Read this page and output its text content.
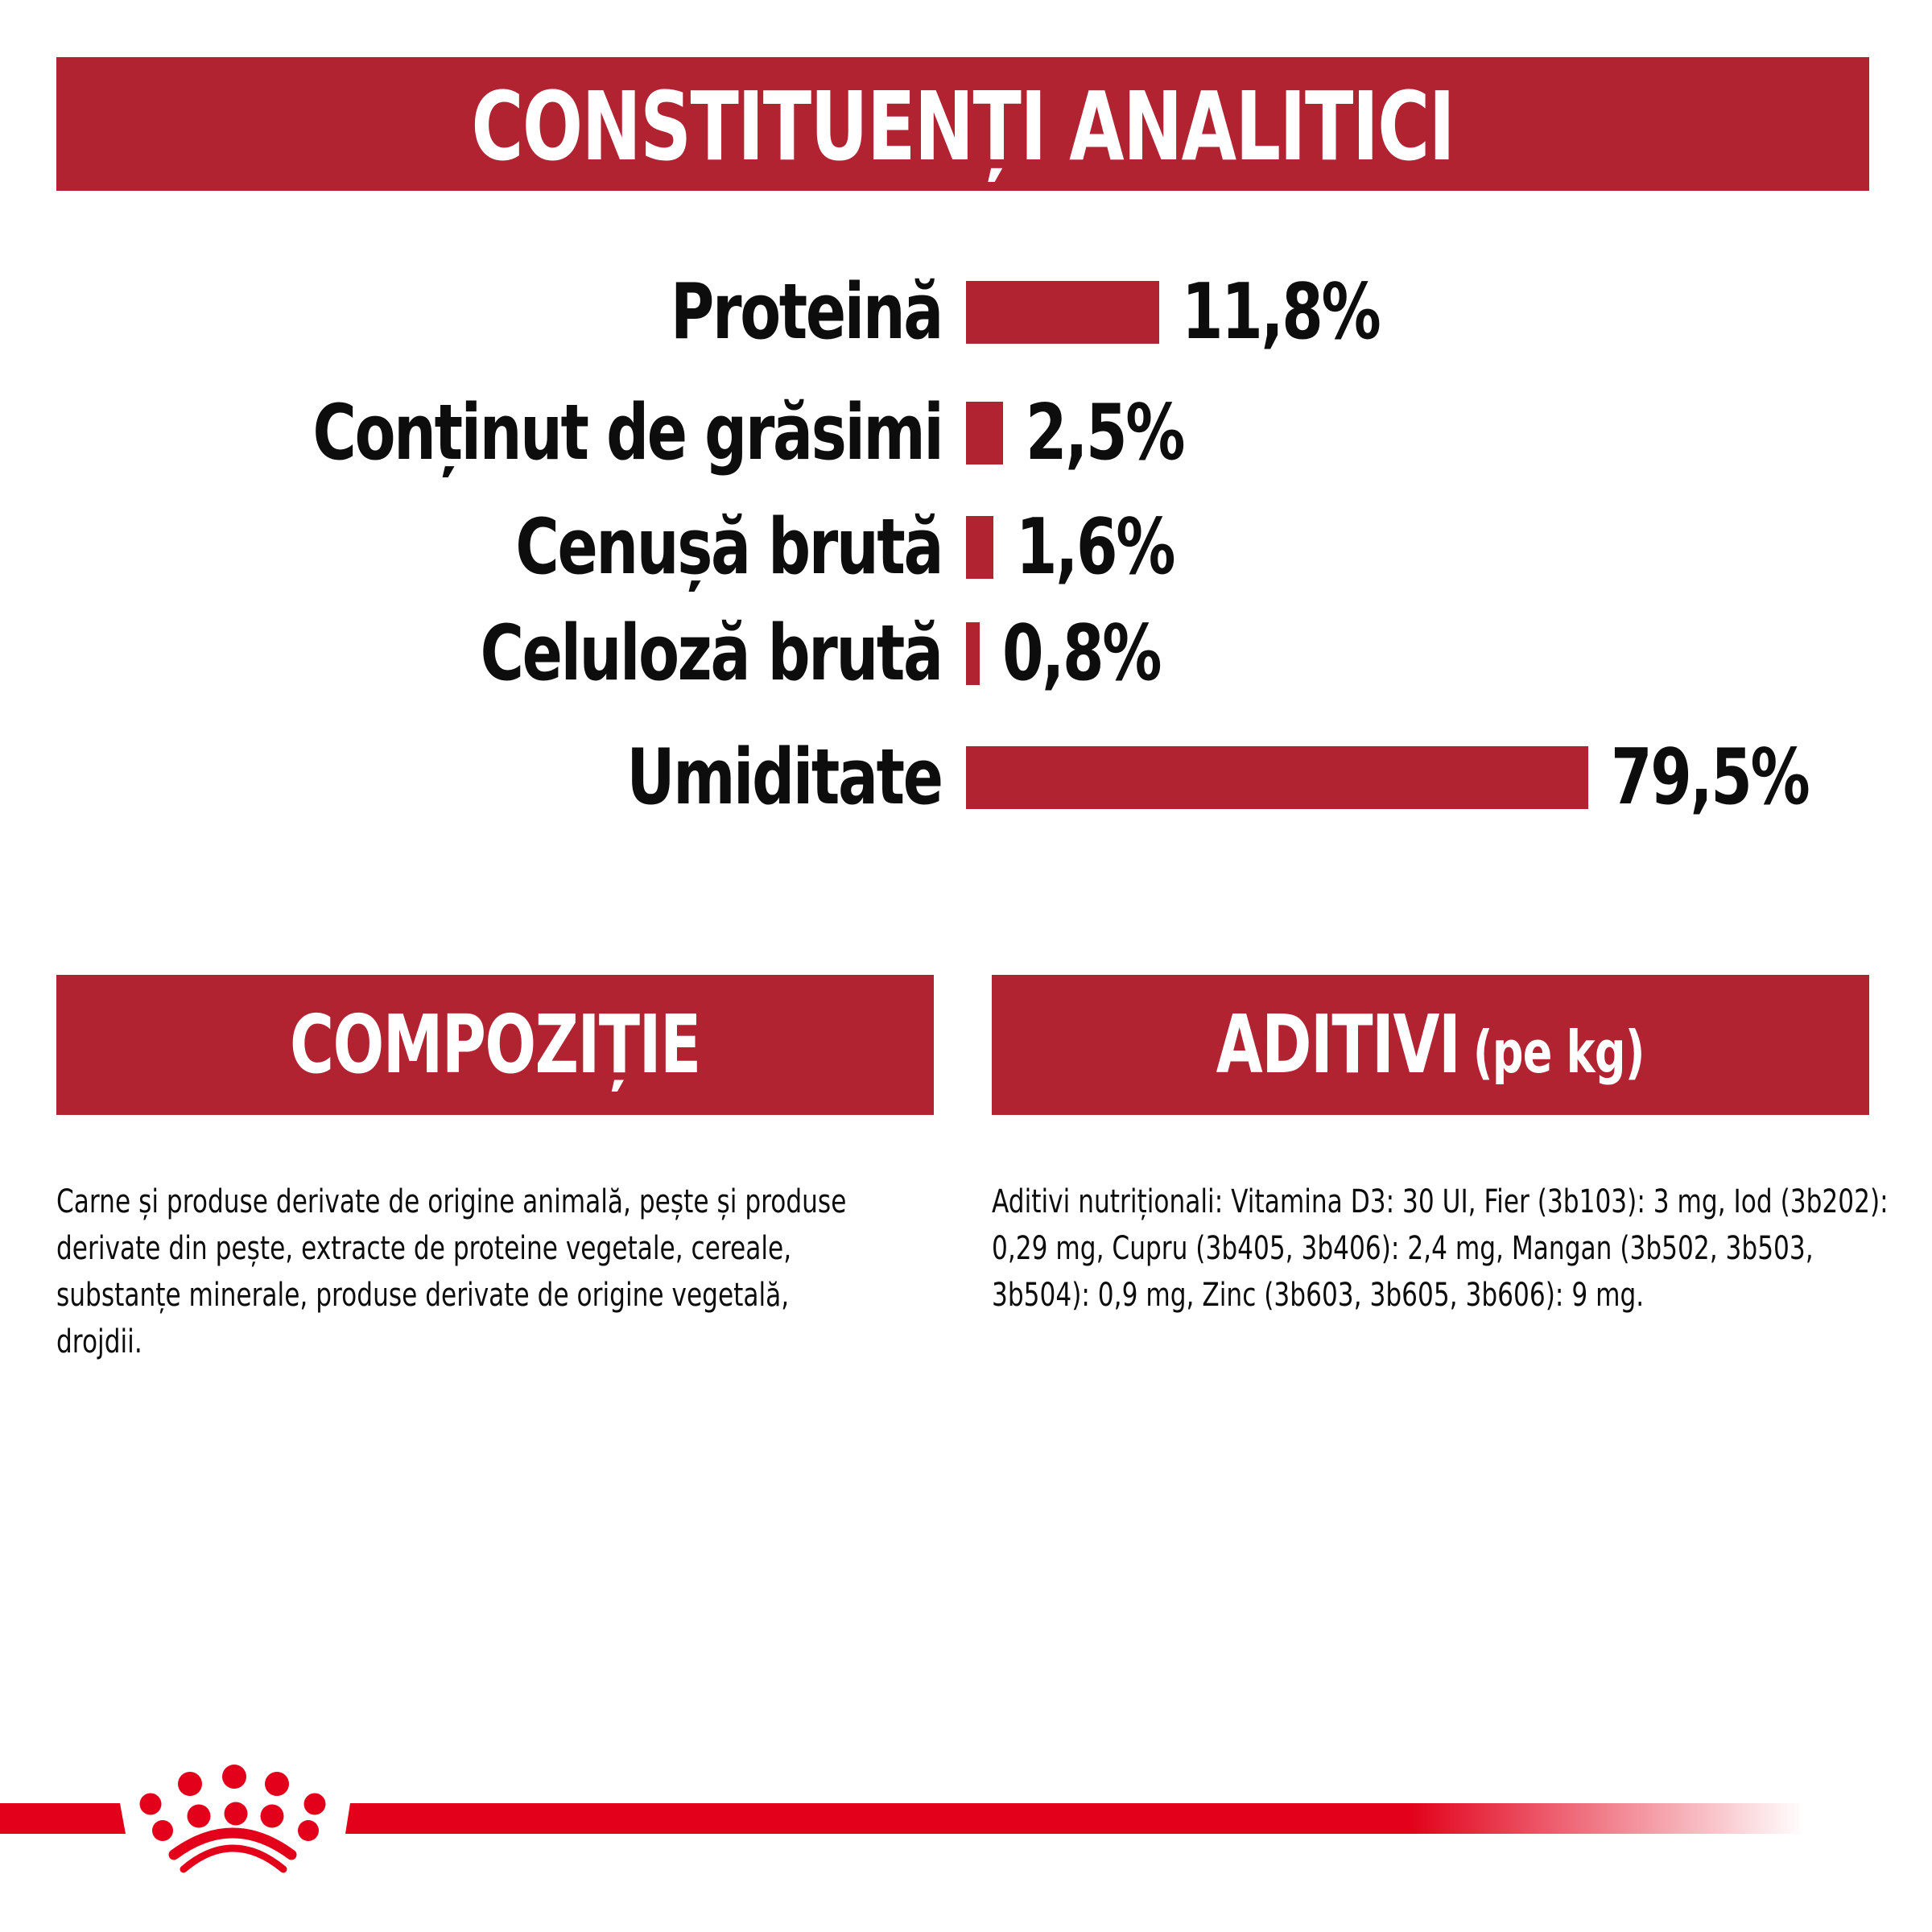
CONSTITUENȚI ANALITICI
Proteină	11,8%
Conținut de grăsimi	2,5%
Cenușă brută 1,6%
Celuloză brută 0,8%
Umiditate	79,5%
COMPOZIȚIE

Carne și produse derivate de origine animală, pește și produse derivate din pește, extracte de proteine vegetale, cereale, substanțe minerale, produse derivate de origine vegetală, drojdii.

ADITIVI (pe kg)

Aditivi nutriționali: Vitamina D3: 30 UI, Fier (3b103): 3 mg, Iod (3b202): 0,29 mg, Cupru (3b405, 3b406): 2,4 mg, Mangan (3b502, 3b503, 3b504): 0,9 mg, Zinc (3b603, 3b605, 3b606): 9 mg.
